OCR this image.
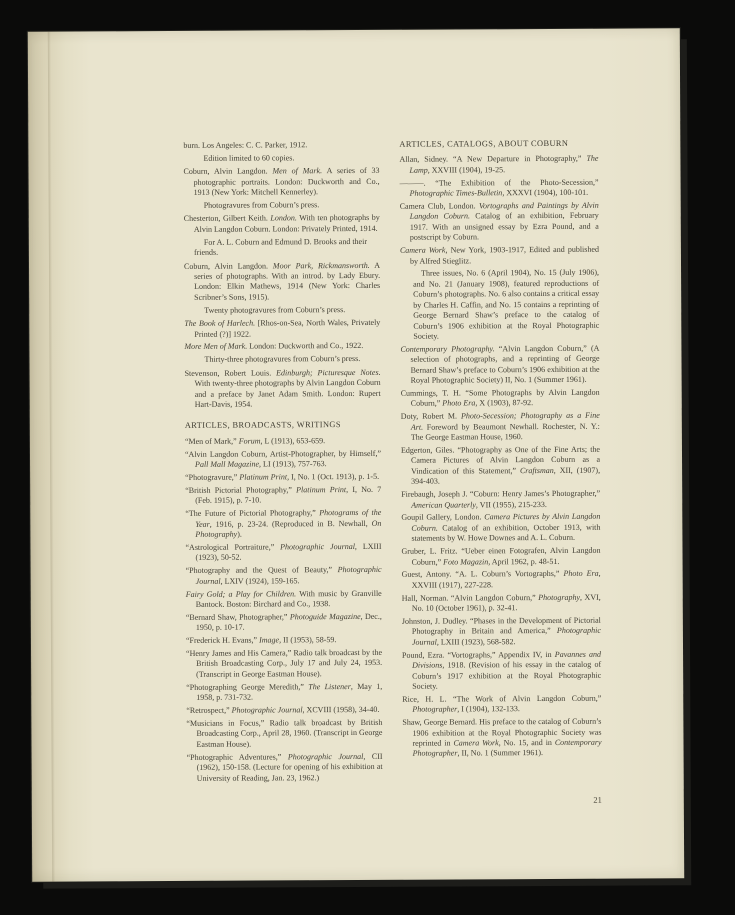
burn. Los Angeles: C. C. Parker, 1912.

Edition limited to 60 copies.

Coburn, Alvin Langdon. Men of Mark. A series of 33 photographic portraits. London: Duckworth and Co., 1913 (New York: Mitchell Kennerley).

Photogravures from Coburn’s press.

Chesterton, Gilbert Keith. London. With ten photographs by Alvin Langdon Coburn. London: Privately Printed, 1914.

For A. L. Coburn and Edmund D. Brooks and their friends.

Coburn, Alvin Langdon. Moor Park, Rickmansworth. A series of photographs. With an introd. by Lady Ebury. London: Elkin Mathews, 1914 (New York: Charles Scribner’s Sons, 1915).

Twenty photogravures from Coburn’s press.

The Book of Harlech. [Rhos-on-Sea, North Wales, Privately Printed (?)] 1922.

More Men of Mark. London: Duckworth and Co., 1922.

Thirty-three photogravures from Coburn’s press.

Stevenson, Robert Louis. Edinburgh; Picturesque Notes. With twenty-three photographs by Alvin Langdon Coburn and a preface by Janet Adam Smith. London: Rupert Hart-Davis, 1954.

ARTICLES, BROADCASTS, WRITINGS

“Men of Mark,” Forum, L (1913), 653-659.

“Alvin Langdon Coburn, Artist-Photographer, by Himself,” Pall Mall Magazine, LI (1913), 757-763.

“Photogravure,” Platinum Print, I, No. 1 (Oct. 1913), p. 1-5.

“British Pictorial Photography,” Platinum Print, I, No. 7 (Feb. 1915), p. 7-10.

“The Future of Pictorial Photography,” Photograms of the Year, 1916, p. 23-24. (Reproduced in B. Newhall, On Photography).

“Astrological Portraiture,” Photographic Journal, LXIII (1923), 50-52.

“Photography and the Quest of Beauty,” Photographic Journal, LXIV (1924), 159-165.

Fairy Gold; a Play for Children. With music by Granville Bantock. Boston: Birchard and Co., 1938.

“Bernard Shaw, Photographer,” Photoguide Magazine, Dec., 1950, p. 10-17.

“Frederick H. Evans,” Image, II (1953), 58-59.

“Henry James and His Camera,” Radio talk broadcast by the British Broadcasting Corp., July 17 and July 24, 1953. (Transcript in George Eastman House).

“Photographing George Meredith,” The Listener, May 1, 1958, p. 731-732.

“Retrospect,” Photographic Journal, XCVIII (1958), 34-40.

“Musicians in Focus,” Radio talk broadcast by British Broadcasting Corp., April 28, 1960. (Transcript in George Eastman House).

“Photographic Adventures,” Photographic Journal, CII (1962), 150-158. (Lecture for opening of his exhibition at University of Reading, Jan. 23, 1962.)

ARTICLES, CATALOGS, ABOUT COBURN

Allan, Sidney. “A New Departure in Photography,” The Lamp, XXVIII (1904), 19-25.

———. “The Exhibition of the Photo-Secession,” Photographic Times-Bulletin, XXXVI (1904), 100-101.

Camera Club, London. Vortographs and Paintings by Alvin Langdon Coburn. Catalog of an exhibition, February 1917. With an unsigned essay by Ezra Pound, and a postscript by Coburn.

Camera Work, New York, 1903-1917, Edited and published by Alfred Stieglitz.

Three issues, No. 6 (April 1904), No. 15 (July 1906), and No. 21 (January 1908), featured reproductions of Coburn’s photographs. No. 6 also contains a critical essay by Charles H. Caffin, and No. 15 contains a reprinting of George Bernard Shaw’s preface to the catalog of Coburn’s 1906 exhibition at the Royal Photographic Society.

Contemporary Photography. “Alvin Langdon Coburn,” (A selection of photographs, and a reprinting of George Bernard Shaw’s preface to Coburn’s 1906 exhibition at the Royal Photographic Society) II, No. 1 (Summer 1961).

Cummings, T. H. “Some Photographs by Alvin Langdon Coburn,” Photo Era, X (1903), 87-92.

Doty, Robert M. Photo-Secession; Photography as a Fine Art. Foreword by Beaumont Newhall. Rochester, N. Y.: The George Eastman House, 1960.

Edgerton, Giles. “Photography as One of the Fine Arts; the Camera Pictures of Alvin Langdon Coburn as a Vindication of this Statement,” Craftsman, XII, (1907), 394-403.

Firebaugh, Joseph J. “Coburn: Henry James’s Photographer,” American Quarterly, VII (1955), 215-233.

Goupil Gallery, London. Camera Pictures by Alvin Langdon Coburn. Catalog of an exhibition, October 1913, with statements by W. Howe Downes and A. L. Coburn.

Gruber, L. Fritz. “Ueber einen Fotografen, Alvin Langdon Coburn,” Foto Magazin, April 1962, p. 48-51.

Guest, Antony. “A. L. Coburn’s Vortographs,” Photo Era, XXVIII (1917), 227-228.

Hall, Norman. “Alvin Langdon Coburn,” Photography, XVI, No. 10 (October 1961), p. 32-41.

Johnston, J. Dudley. “Phases in the Development of Pictorial Photography in Britain and America,” Photographic Journal, LXIII (1923), 568-582.

Pound, Ezra. “Vortographs,” Appendix IV, in Pavannes and Divisions, 1918. (Revision of his essay in the catalog of Coburn’s 1917 exhibition at the Royal Photographic Society.

Rice, H. L. “The Work of Alvin Langdon Coburn,” Photographer, I (1904), 132-133.

Shaw, George Bernard. His preface to the catalog of Coburn’s 1906 exhibition at the Royal Photographic Society was reprinted in Camera Work, No. 15, and in Contemporary Photographer, II, No. 1 (Summer 1961).

21
